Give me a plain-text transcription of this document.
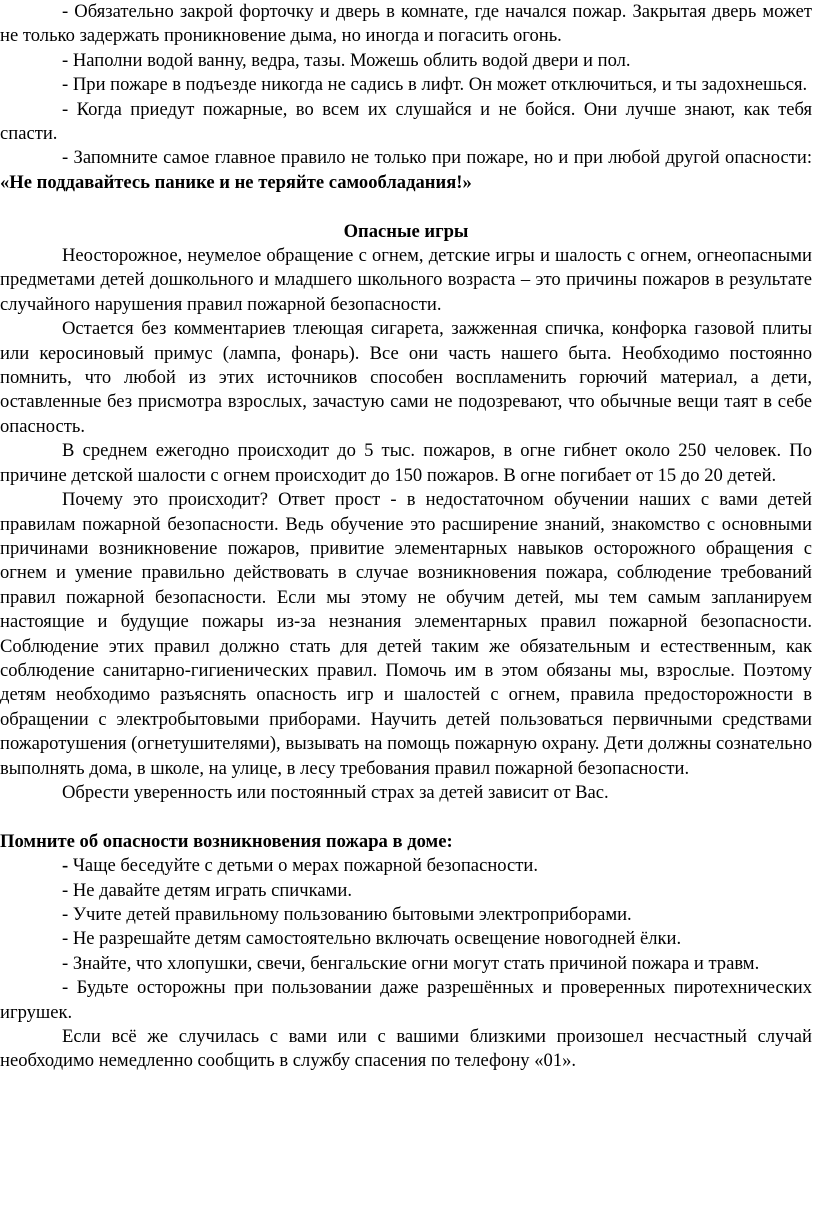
- Обязательно закрой форточку и дверь в комнате, где начался пожар. Закрытая дверь может не только задержать проникновение дыма, но иногда и погасить огонь.

- Наполни водой ванну, ведра, тазы. Можешь облить водой двери и пол.

- При пожаре в подъезде никогда не садись в лифт. Он может отключиться, и ты задохнешься.

- Когда приедут пожарные, во всем их слушайся и не бойся. Они лучше знают, как тебя спасти.

- Запомните самое главное правило не только при пожаре, но и при любой другой опасности: «Не поддавайтесь панике и не теряйте самообладания!»

Опасные игры

Неосторожное, неумелое обращение с огнем, детские игры и шалость с огнем, огнеопасными предметами детей дошкольного и младшего школьного возраста – это причины пожаров в результате случайного нарушения правил пожарной безопасности.

Остается без комментариев тлеющая сигарета, зажженная спичка, конфорка газовой плиты или керосиновый примус (лампа, фонарь). Все они часть нашего быта. Необходимо постоянно помнить, что любой из этих источников способен воспламенить горючий материал, а дети, оставленные без присмотра взрослых, зачастую сами не подозревают, что обычные вещи таят в себе опасность.

В среднем ежегодно происходит до 5 тыс. пожаров, в огне гибнет около 250 человек. По причине детской шалости с огнем происходит до 150 пожаров. В огне погибает от 15 до 20 детей.

Почему это происходит? Ответ прост - в недостаточном обучении наших с вами детей правилам пожарной безопасности. Ведь обучение это расширение знаний, знакомство с основными причинами возникновение пожаров, привитие элементарных навыков осторожного обращения с огнем и умение правильно действовать в случае возникновения пожара, соблюдение требований правил пожарной безопасности. Если мы этому не обучим детей, мы тем самым запланируем настоящие и будущие пожары из-за незнания элементарных правил пожарной безопасности. Соблюдение этих правил должно стать для детей таким же обязательным и естественным, как соблюдение санитарно-гигиенических правил. Помочь им в этом обязаны мы, взрослые. Поэтому детям необходимо разъяснять опасность игр и шалостей с огнем, правила предосторожности в обращении с электробытовыми приборами. Научить детей пользоваться первичными средствами пожаротушения (огнетушителями), вызывать на помощь пожарную охрану. Дети должны сознательно выполнять дома, в школе, на улице, в лесу требования правил пожарной безопасности.

Обрести уверенность или постоянный страх за детей зависит от Вас.

Помните об опасности возникновения пожара в доме:

- Чаще беседуйте с детьми о мерах пожарной безопасности.

- Не давайте детям играть спичками.

- Учите детей правильному пользованию бытовыми электроприборами.

- Не разрешайте детям самостоятельно включать освещение новогодней ёлки.

- Знайте, что хлопушки, свечи, бенгальские огни могут стать причиной пожара и травм.

- Будьте осторожны при пользовании даже разрешённых и проверенных пиротехнических игрушек.

Если всё же случилась с вами или с вашими близкими произошел несчастный случай необходимо немедленно сообщить в службу спасения по телефону «01».
